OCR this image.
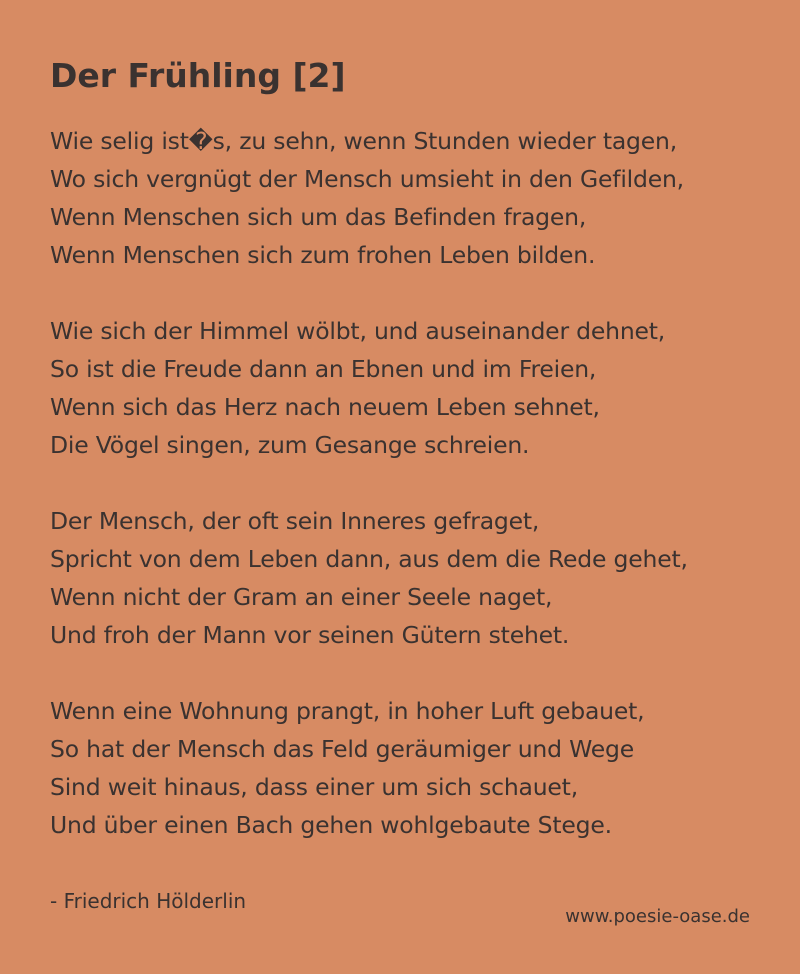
Der Frühling [2]
Wie selig ist�s, zu sehn, wenn Stunden wieder tagen,
Wo sich vergnügt der Mensch umsieht in den Gefilden,
Wenn Menschen sich um das Befinden fragen,
Wenn Menschen sich zum frohen Leben bilden.
Wie sich der Himmel wölbt, und auseinander dehnet,
So ist die Freude dann an Ebnen und im Freien,
Wenn sich das Herz nach neuem Leben sehnet,
Die Vögel singen, zum Gesange schreien.
Der Mensch, der oft sein Inneres gefraget,
Spricht von dem Leben dann, aus dem die Rede gehet,
Wenn nicht der Gram an einer Seele naget,
Und froh der Mann vor seinen Gütern stehet.
Wenn eine Wohnung prangt, in hoher Luft gebauet,
So hat der Mensch das Feld geräumiger und Wege
Sind weit hinaus, dass einer um sich schauet,
Und über einen Bach gehen wohlgebaute Stege.
- Friedrich Hölderlin
www.poesie-oase.de
